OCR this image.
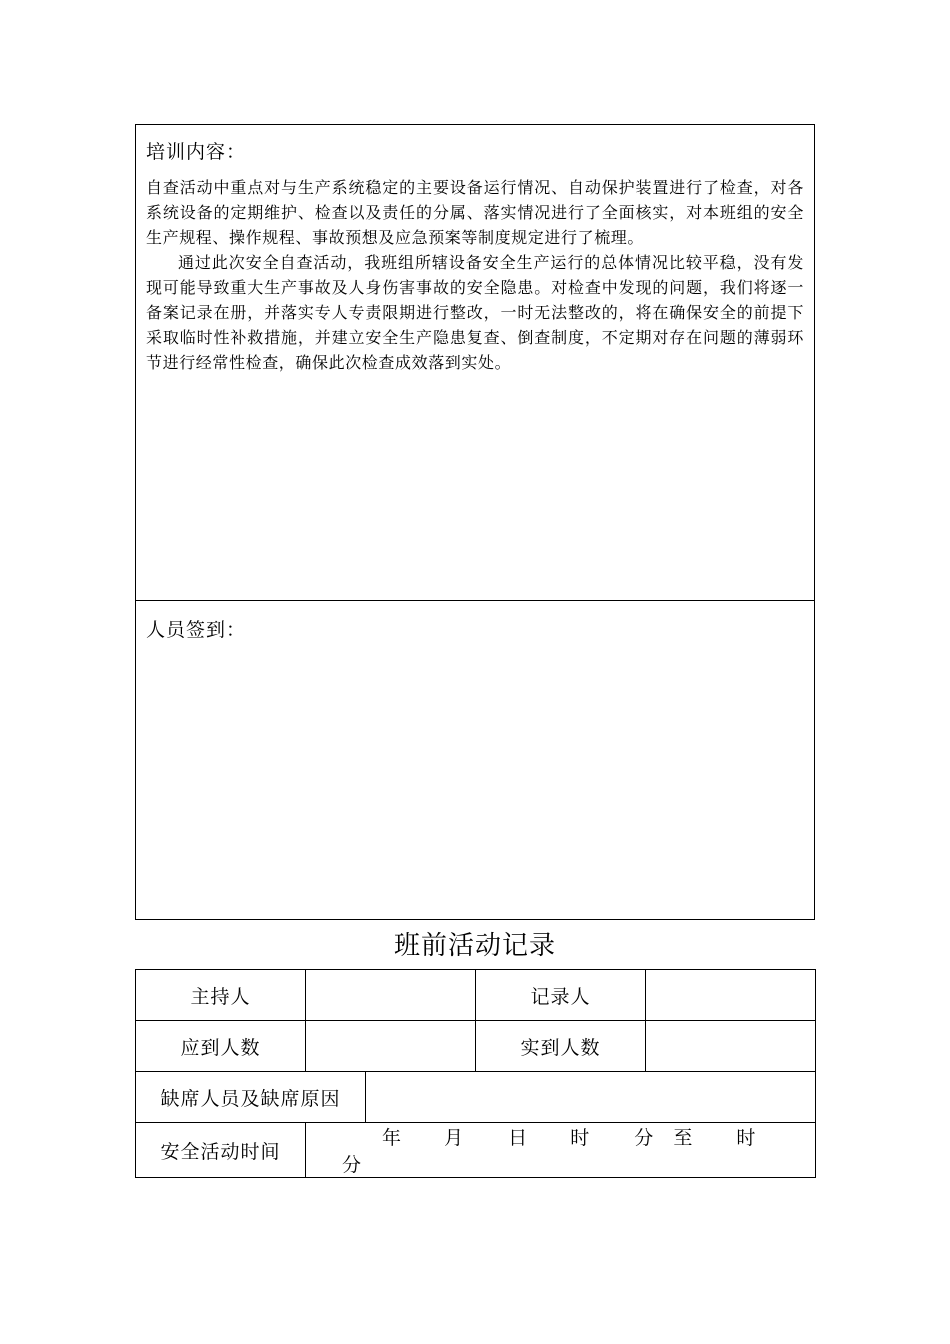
培训内容：

自查活动中重点对与生产系统稳定的主要设备运行情况、自动保护装置进行了检查，对各系统设备的定期维护、检查以及责任的分属、落实情况进行了全面核实，对本班组的安全生产规程、操作规程、事故预想及应急预案等制度规定进行了梳理。

通过此次安全自查活动，我班组所辖设备安全生产运行的总体情况比较平稳，没有发现可能导致重大生产事故及人身伤害事故的安全隐患。对检查中发现的问题，我们将逐一备案记录在册，并落实专人专责限期进行整改，一时无法整改的，将在确保安全的前提下采取临时性补救措施，并建立安全生产隐患复查、倒查制度，不定期对存在问题的薄弱环节进行经常性检查，确保此次检查成效落到实处。

人员签到：
班前活动记录
主持人			记录人	
应到人数			实到人数	
缺席人员及缺席原因				
安全活动时间	年 月 日 时 分 至 时 分			
